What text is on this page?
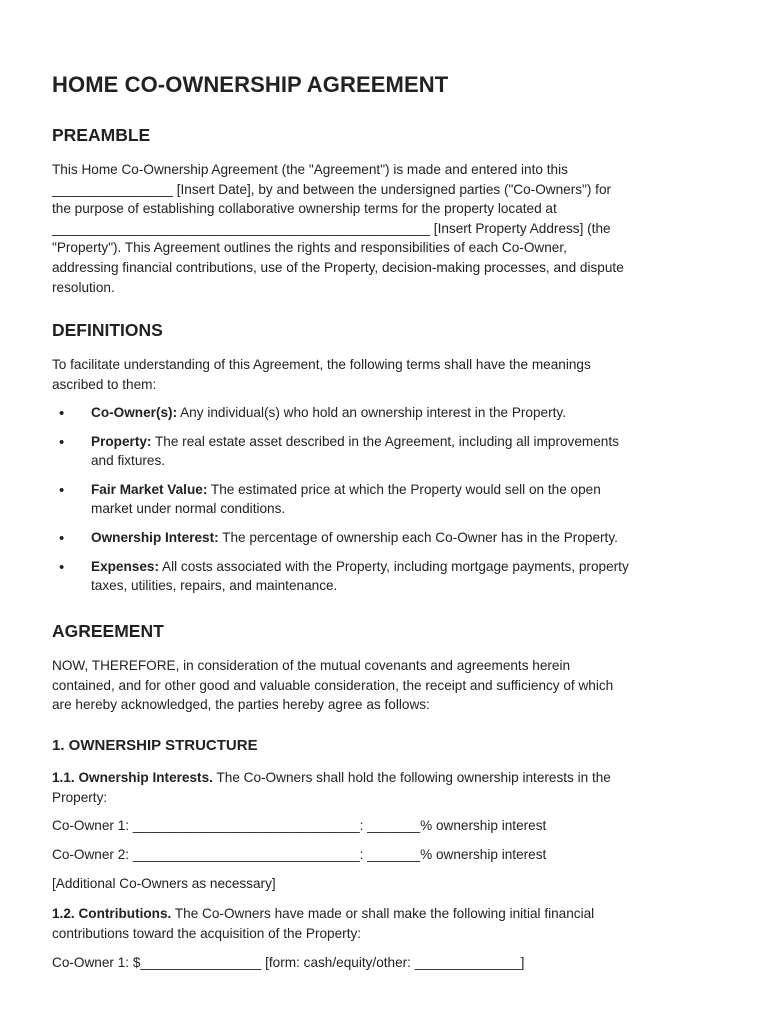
HOME CO-OWNERSHIP AGREEMENT
PREAMBLE

This Home Co-Ownership Agreement (the "Agreement") is made and entered into this

________________ [Insert Date], by and between the undersigned parties ("Co-Owners") for

the purpose of establishing collaborative ownership terms for the property located at

__________________________________________________ [Insert Property Address] (the

"Property"). This Agreement outlines the rights and responsibilities of each Co-Owner,

addressing financial contributions, use of the Property, decision-making processes, and dispute

resolution.

DEFINITIONS

To facilitate understanding of this Agreement, the following terms shall have the meanings

ascribed to them:

• Co-Owner(s): Any individual(s) who hold an ownership interest in the Property.
• Property: The real estate asset described in the Agreement, including all improvements
and fixtures.
• Fair Market Value: The estimated price at which the Property would sell on the open
market under normal conditions.
• Ownership Interest: The percentage of ownership each Co-Owner has in the Property.
• Expenses: All costs associated with the Property, including mortgage payments, property
taxes, utilities, repairs, and maintenance.
AGREEMENT

NOW, THEREFORE, in consideration of the mutual covenants and agreements herein

contained, and for other good and valuable consideration, the receipt and sufficiency of which

are hereby acknowledged, the parties hereby agree as follows:

1. OWNERSHIP STRUCTURE

1.1. Ownership Interests. The Co-Owners shall hold the following ownership interests in the

Property:

Co-Owner 1: ______________________________: _______% ownership interest

Co-Owner 2: ______________________________: _______% ownership interest

[Additional Co-Owners as necessary]

1.2. Contributions. The Co-Owners have made or shall make the following initial financial

contributions toward the acquisition of the Property:

Co-Owner 1: $________________ [form: cash/equity/other: ______________]
